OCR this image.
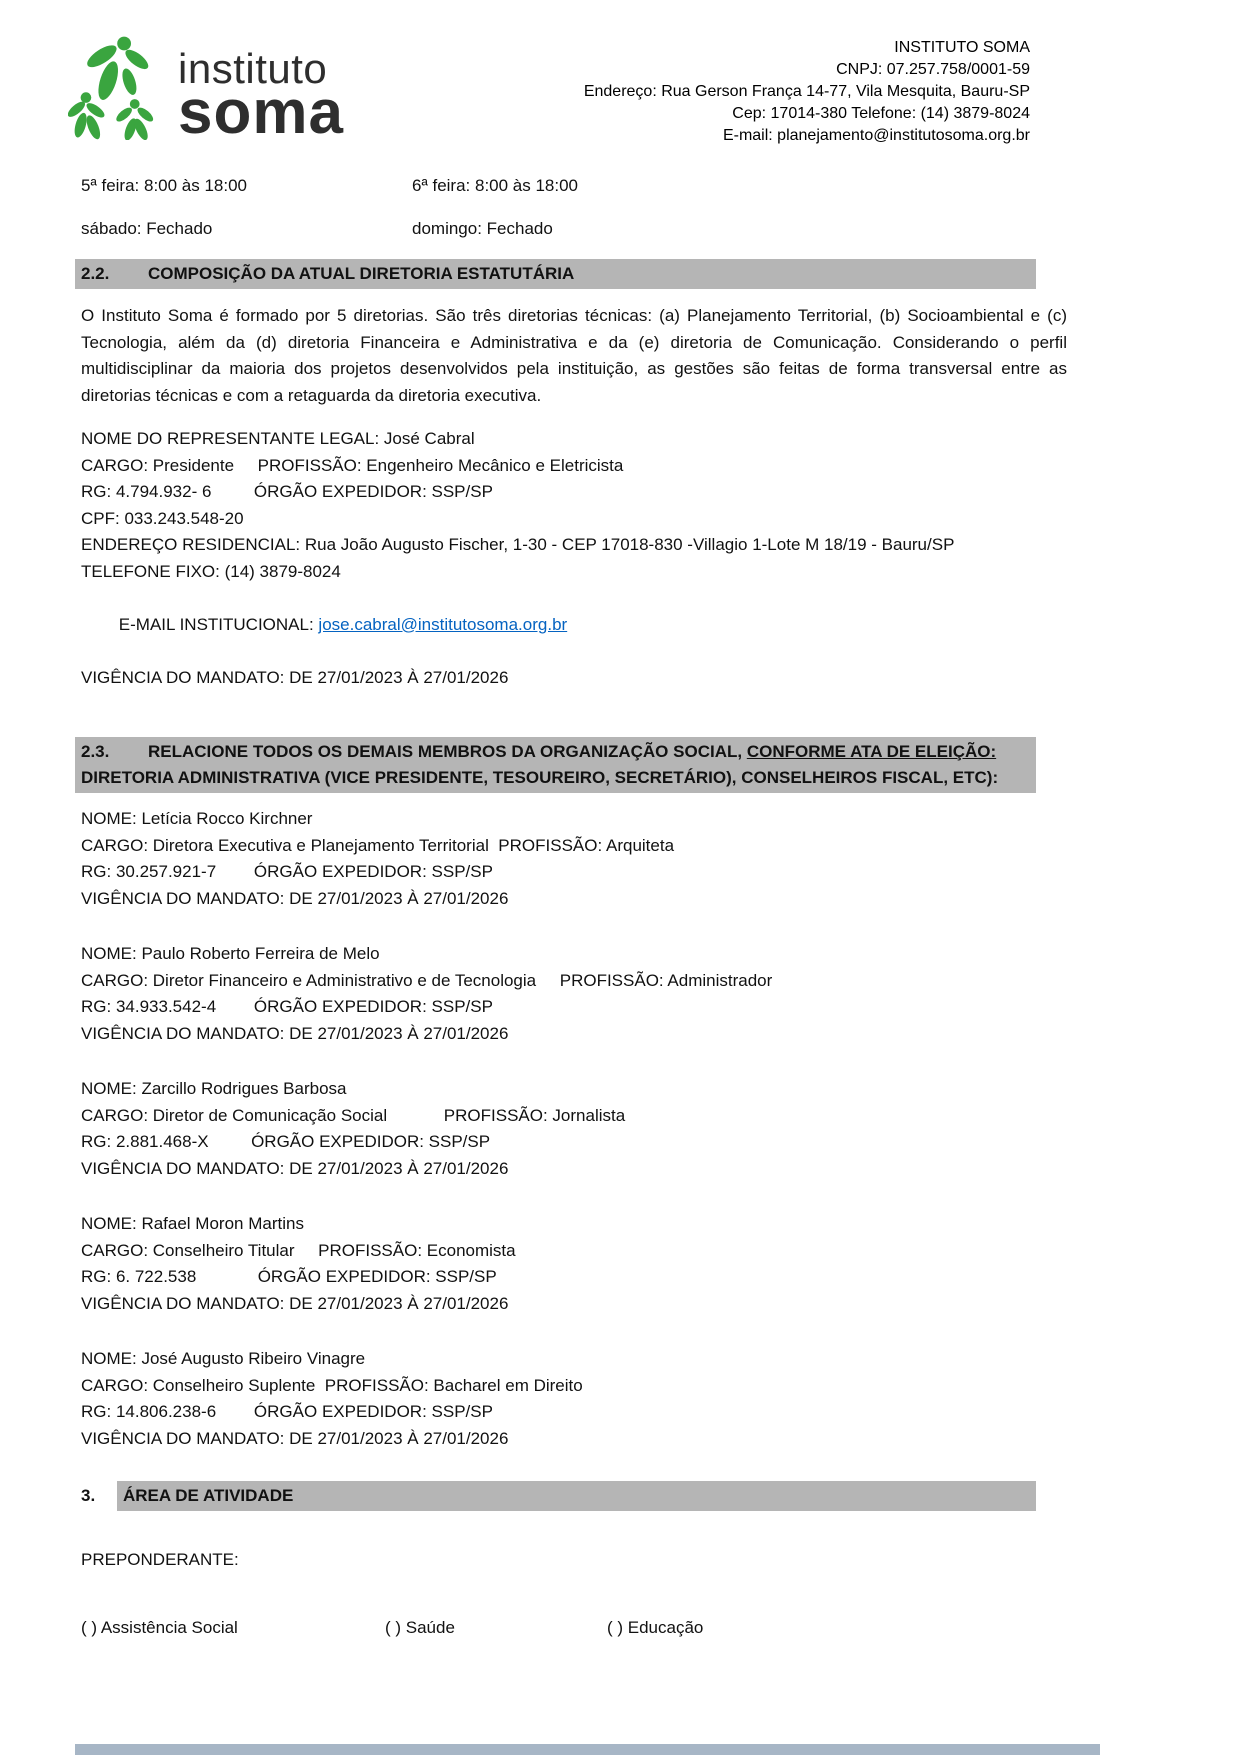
instituto
soma
INSTITUTO SOMA
CNPJ: 07.257.758/0001-59
Endereço: Rua Gerson França 14-77, Vila Mesquita, Bauru-SP
Cep: 17014-380 Telefone: (14) 3879-8024
E-mail: planejamento@institutosoma.org.br
5ª feira: 8:00 às 18:00	6ª feira: 8:00 às 18:00
sábado: Fechado	domingo: Fechado
2.2. COMPOSIÇÃO DA ATUAL DIRETORIA ESTATUTÁRIA

O Instituto Soma é formado por 5 diretorias. São três diretorias técnicas: (a) Planejamento Territorial, (b) Socioambiental e (c) Tecnologia, além da (d) diretoria Financeira e Administrativa e da (e) diretoria de Comunicação. Considerando o perfil multidisciplinar da maioria dos projetos desenvolvidos pela instituição, as gestões são feitas de forma transversal entre as diretorias técnicas e com a retaguarda da diretoria executiva.

NOME DO REPRESENTANTE LEGAL: José Cabral
CARGO: Presidente     PROFISSÃO: Engenheiro Mecânico e Eletricista
RG: 4.794.932- 6         ÓRGÃO EXPEDIDOR: SSP/SP
CPF: 033.243.548-20
ENDEREÇO RESIDENCIAL: Rua João Augusto Fischer, 1-30 - CEP 17018-830 -Villagio 1-Lote M 18/19 - Bauru/SP
TELEFONE FIXO: (14) 3879-8024

E-MAIL INSTITUCIONAL: jose.cabral@institutosoma.org.br

VIGÊNCIA DO MANDATO: DE 27/01/2023 À 27/01/2026
2.3. RELACIONE TODOS OS DEMAIS MEMBROS DA ORGANIZAÇÃO SOCIAL, CONFORME ATA DE ELEIÇÃO:
DIRETORIA ADMINISTRATIVA (VICE PRESIDENTE, TESOUREIRO, SECRETÁRIO), CONSELHEIROS FISCAL, ETC):
NOME: Letícia Rocco Kirchner
CARGO: Diretora Executiva e Planejamento Territorial  PROFISSÃO: Arquiteta
RG: 30.257.921-7        ÓRGÃO EXPEDIDOR: SSP/SP
VIGÊNCIA DO MANDATO: DE 27/01/2023 À 27/01/2026
NOME: Paulo Roberto Ferreira de Melo
CARGO: Diretor Financeiro e Administrativo e de Tecnologia     PROFISSÃO: Administrador
RG: 34.933.542-4        ÓRGÃO EXPEDIDOR: SSP/SP
VIGÊNCIA DO MANDATO: DE 27/01/2023 À 27/01/2026
NOME: Zarcillo Rodrigues Barbosa
CARGO: Diretor de Comunicação Social            PROFISSÃO: Jornalista
RG: 2.881.468-X         ÓRGÃO EXPEDIDOR: SSP/SP
VIGÊNCIA DO MANDATO: DE 27/01/2023 À 27/01/2026
NOME: Rafael Moron Martins
CARGO: Conselheiro Titular     PROFISSÃO: Economista
RG: 6. 722.538             ÓRGÃO EXPEDIDOR: SSP/SP
VIGÊNCIA DO MANDATO: DE 27/01/2023 À 27/01/2026
NOME: José Augusto Ribeiro Vinagre
CARGO: Conselheiro Suplente  PROFISSÃO: Bacharel em Direito
RG: 14.806.238-6        ÓRGÃO EXPEDIDOR: SSP/SP
VIGÊNCIA DO MANDATO: DE 27/01/2023 À 27/01/2026
3.	ÁREA DE ATIVIDADE
PREPONDERANTE:
( ) Assistência Social	( ) Saúde	( ) Educação
